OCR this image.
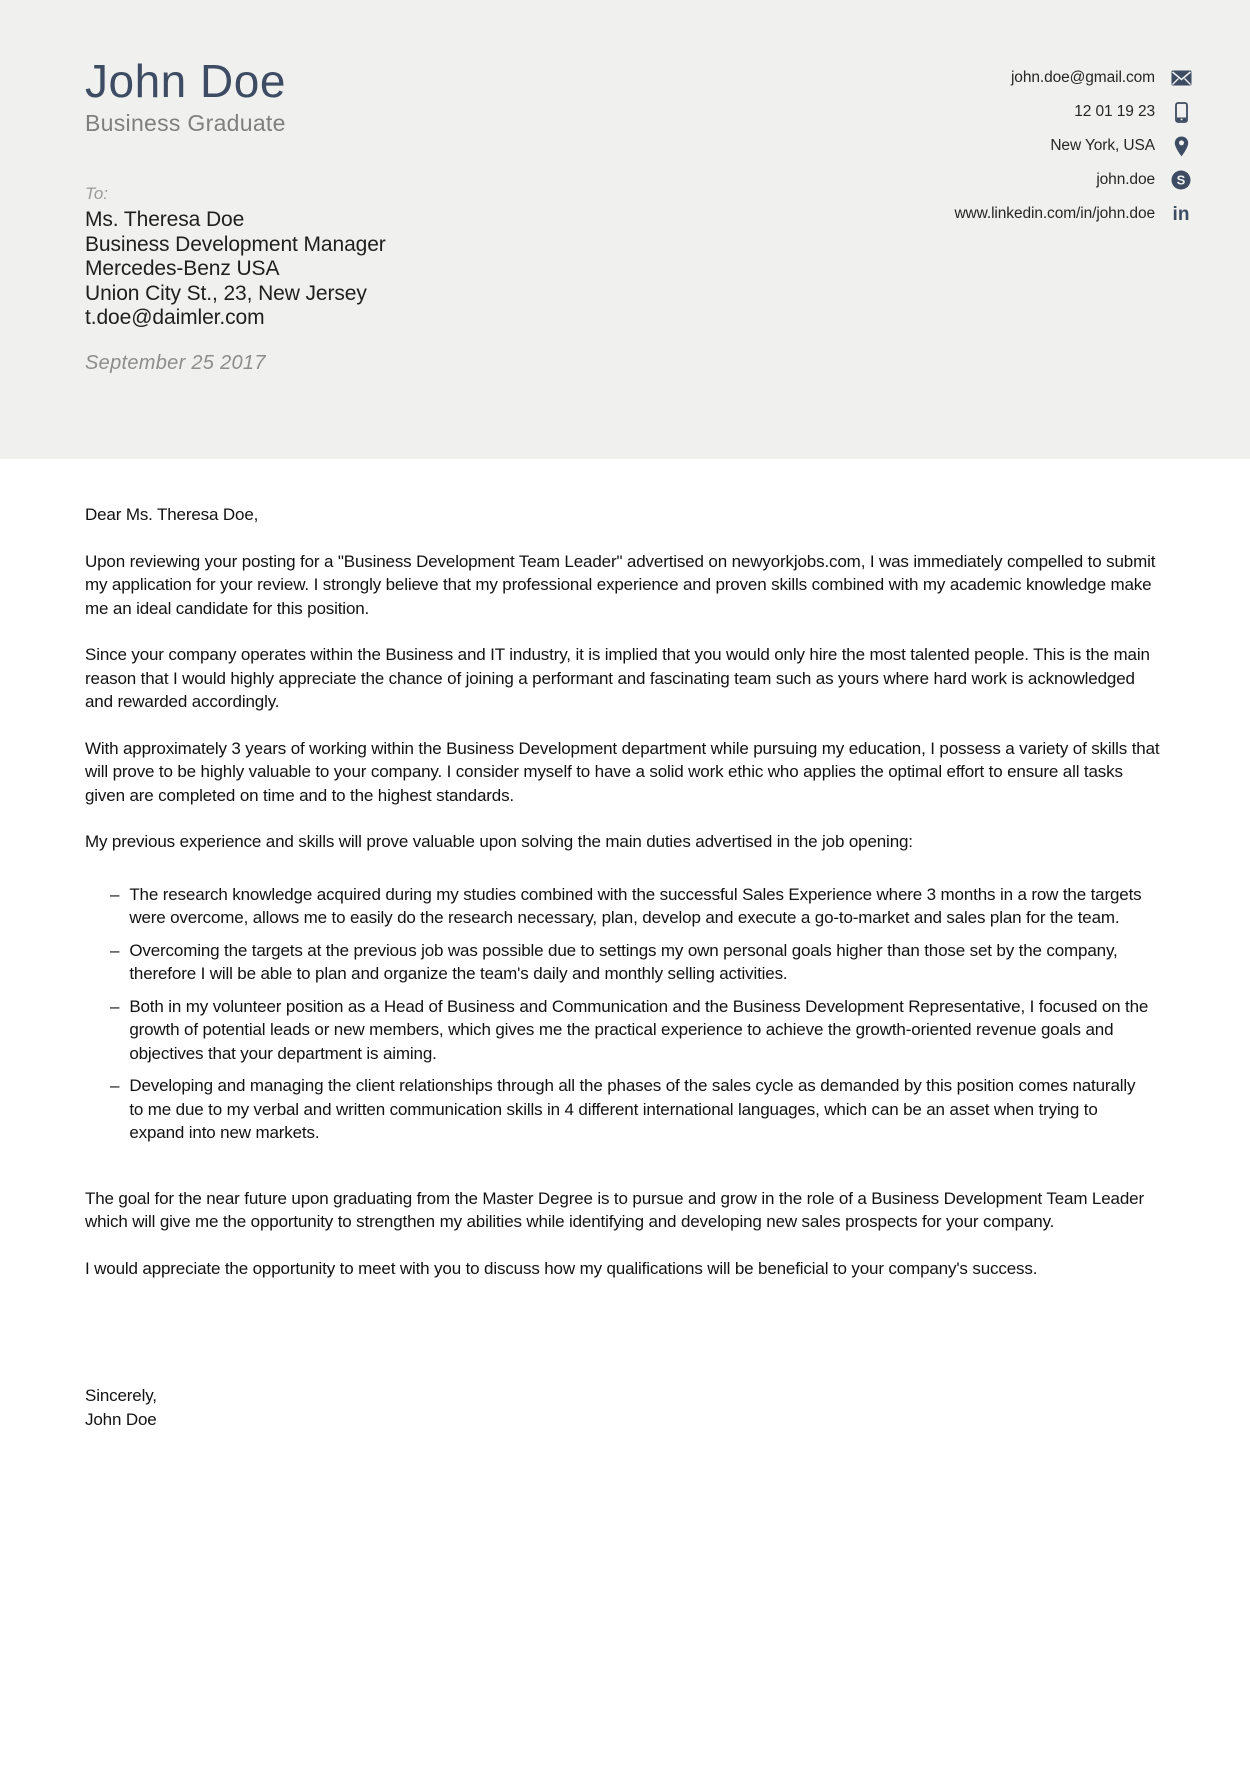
John Doe
Business Graduate
To:
Ms. Theresa Doe
Business Development Manager
Mercedes-Benz USA
Union City St., 23, New Jersey
t.doe@daimler.com
September 25 2017
john.doe@gmail.com
12 01 19 23
New York, USA
john.doe S
www.linkedin.com/in/john.doe in

Dear Ms. Theresa Doe,

Upon reviewing your posting for a "Business Development Team Leader" advertised on newyorkjobs.com, I was immediately compelled to submit my application for your review. I strongly believe that my professional experience and proven skills combined with my academic knowledge make me an ideal candidate for this position.

Since your company operates within the Business and IT industry, it is implied that you would only hire the most talented people. This is the main reason that I would highly appreciate the chance of joining a performant and fascinating team such as yours where hard work is acknowledged and rewarded accordingly.

With approximately 3 years of working within the Business Development department while pursuing my education, I possess a variety of skills that will prove to be highly valuable to your company. I consider myself to have a solid work ethic who applies the optimal effort to ensure all tasks given are completed on time and to the highest standards.

My previous experience and skills will prove valuable upon solving the main duties advertised in the job opening:

– The research knowledge acquired during my studies combined with the successful Sales Experience where 3 months in a row the targets were overcome, allows me to easily do the research necessary, plan, develop and execute a go-to-market and sales plan for the team.
– Overcoming the targets at the previous job was possible due to settings my own personal goals higher than those set by the company, therefore I will be able to plan and organize the team's daily and monthly selling activities.
– Both in my volunteer position as a Head of Business and Communication and the Business Development Representative, I focused on the growth of potential leads or new members, which gives me the practical experience to achieve the growth-oriented revenue goals and objectives that your department is aiming.
– Developing and managing the client relationships through all the phases of the sales cycle as demanded by this position comes naturally to me due to my verbal and written communication skills in 4 different international languages, which can be an asset when trying to expand into new markets.

The goal for the near future upon graduating from the Master Degree is to pursue and grow in the role of a Business Development Team Leader which will give me the opportunity to strengthen my abilities while identifying and developing new sales prospects for your company.

I would appreciate the opportunity to meet with you to discuss how my qualifications will be beneficial to your company's success.

Sincerely,
John Doe
